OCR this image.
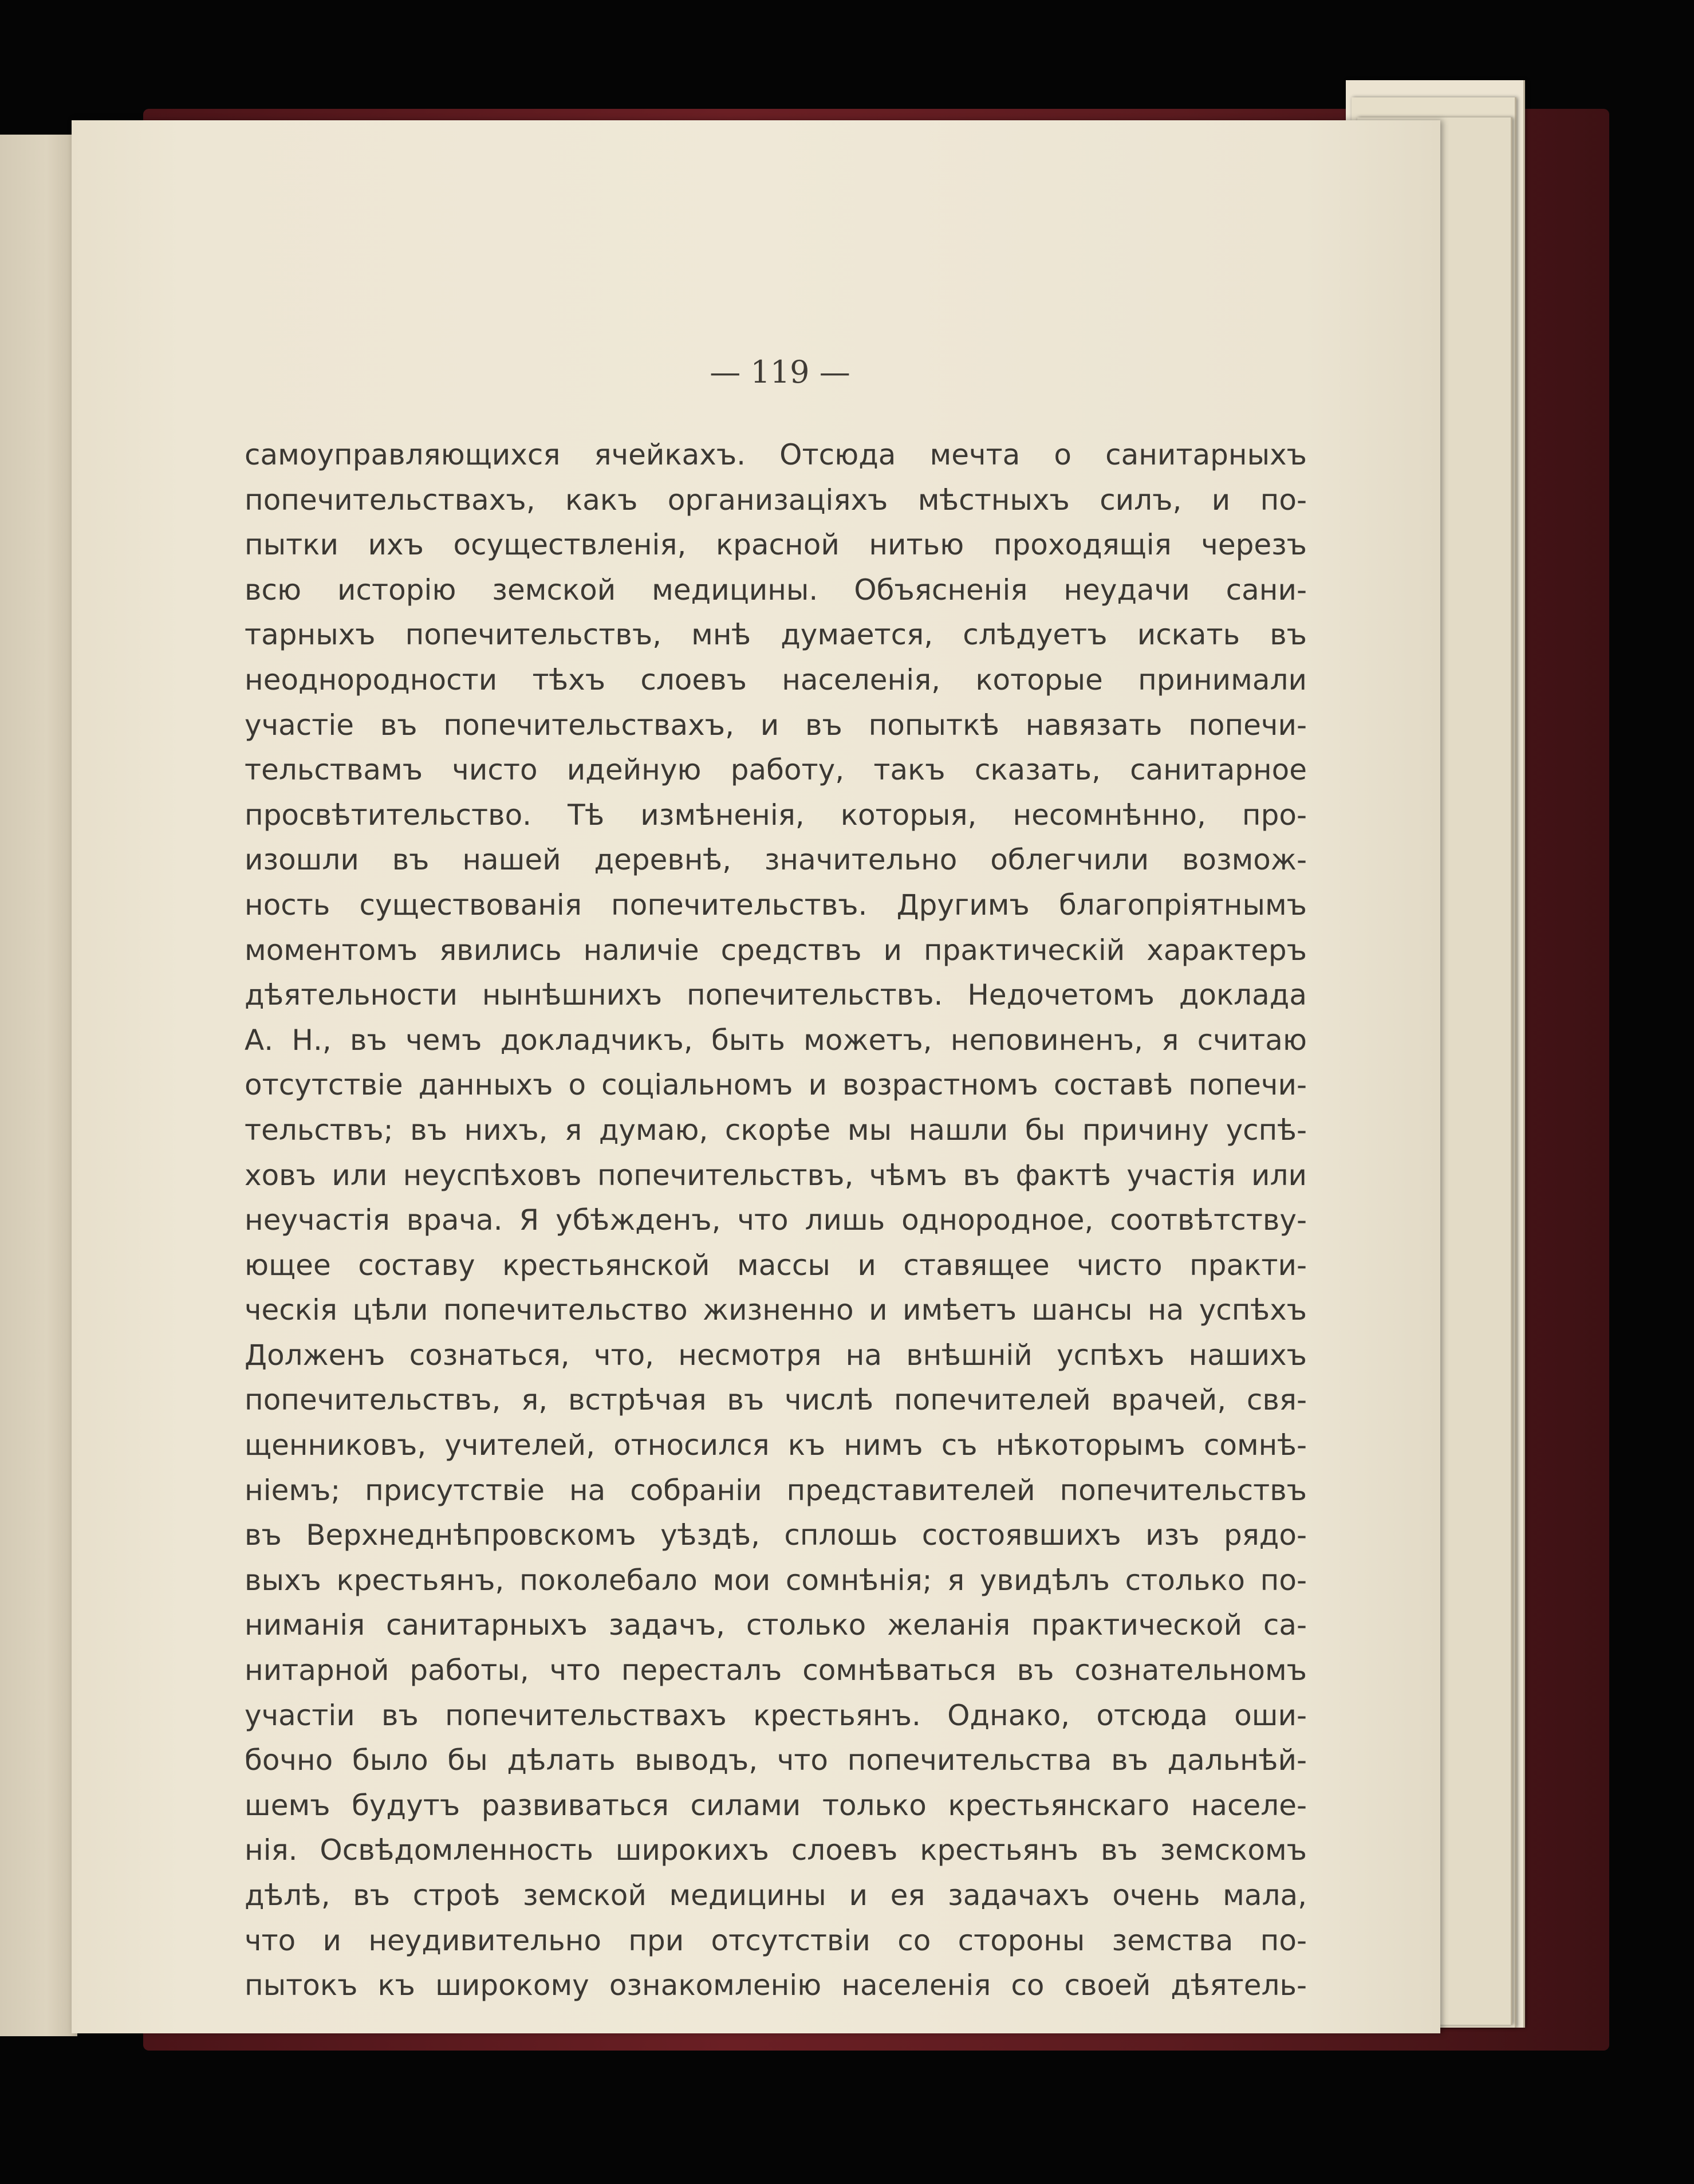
— 119 —
самоуправляющихся ячейкахъ. Отсюда мечта о санитарныхъ
попечительствахъ, какъ организацiяхъ мѣстныхъ силъ, и по-
пытки ихъ осуществленiя, красной нитью проходящiя черезъ
всю исторiю земской медицины. Объясненiя неудачи сани-
тарныхъ попечительствъ, мнѣ думается, слѣдуетъ искать въ
неоднородности тѣхъ слоевъ населенiя, которые принимали
участiе въ попечительствахъ, и въ попыткѣ навязать попечи-
тельствамъ чисто идейную работу, такъ сказать, санитарное
просвѣтительство. Тѣ измѣненiя, которыя, несомнѣнно, про-
изошли въ нашей деревнѣ, значительно облегчили возмож-
ность существованiя попечительствъ. Другимъ благопрiятнымъ
моментомъ явились наличiе средствъ и практическiй характеръ
дѣятельности нынѣшнихъ попечительствъ. Недочетомъ доклада
А. Н., въ чемъ докладчикъ, быть можетъ, неповиненъ, я считаю
отсутствiе данныхъ о соцiальномъ и возрастномъ составѣ попечи-
тельствъ; въ нихъ, я думаю, скорѣе мы нашли бы причину успѣ-
ховъ или неуспѣховъ попечительствъ, чѣмъ въ фактѣ участiя или
неучастiя врача. Я убѣжденъ, что лишь однородное, соотвѣтству-
ющее составу крестьянской массы и ставящее чисто практи-
ческiя цѣли попечительство жизненно и имѣетъ шансы на успѣхъ
Долженъ сознаться, что, несмотря на внѣшнiй успѣхъ нашихъ
попечительствъ, я, встрѣчая въ числѣ попечителей врачей, свя-
щенниковъ, учителей, относился къ нимъ съ нѣкоторымъ сомнѣ-
нiемъ; присутствiе на собранiи представителей попечительствъ
въ Верхнеднѣпровскомъ уѣздѣ, сплошь состоявшихъ изъ рядо-
выхъ крестьянъ, поколебало мои сомнѣнiя; я увидѣлъ столько по-
ниманiя санитарныхъ задачъ, столько желанiя практической са-
нитарной работы, что пересталъ сомнѣваться въ сознательномъ
участiи въ попечительствахъ крестьянъ. Однако, отсюда оши-
бочно было бы дѣлать выводъ, что попечительства въ дальнѣй-
шемъ будутъ развиваться силами только крестьянскаго населе-
нiя. Освѣдомленность широкихъ слоевъ крестьянъ въ земскомъ
дѣлѣ, въ строѣ земской медицины и ея задачахъ очень мала,
что и неудивительно при отсутствiи со стороны земства по-
пытокъ къ широкому ознакомленiю населенiя со своей дѣятель-
